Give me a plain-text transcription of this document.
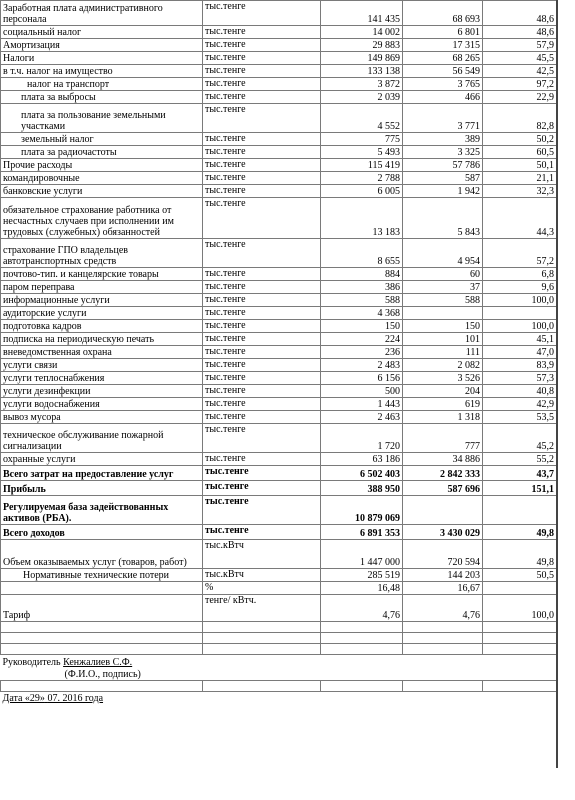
Заработная плата административного персонала	тыс.тенге	141 435	68 693	48,6
социальный налог	тыс.тенге	14 002	6 801	48,6
Амортизация	тыс.тенге	29 883	17 315	57,9
Налоги	тыс.тенге	149 869	68 265	45,5
в т.ч. налог на имущество	тыс.тенге	133 138	56 549	42,5
налог на транспорт	тыс.тенге	3 872	3 765	97,2
плата за выбросы	тыс.тенге	2 039	466	22,9
плата за пользование земельными участками	тыс.тенге	4 552	3 771	82,8
земельный налог	тыс.тенге	775	389	50,2
плата за радиочастоты	тыс.тенге	5 493	3 325	60,5
Прочие расходы	тыс.тенге	115 419	57 786	50,1
командировочные	тыс.тенге	2 788	587	21,1
банковские услуги	тыс.тенге	6 005	1 942	32,3
обязательное страхование работника от несчастных случаев при исполнении им трудовых (служебных) обязанностей	тыс.тенге	13 183	5 843	44,3
страхование ГПО владельцев автотранспортных средств	тыс.тенге	8 655	4 954	57,2
почтово-тип. и канцелярские товары	тыс.тенге	884	60	6,8
паром переправа	тыс.тенге	386	37	9,6
информационные услуги	тыс.тенге	588	588	100,0
аудиторские услуги	тыс.тенге	4 368		
подготовка кадров	тыс.тенге	150	150	100,0
подписка на периодическую печать	тыс.тенге	224	101	45,1
вневедомственная охрана	тыс.тенге	236	111	47,0
услуги связи	тыс.тенге	2 483	2 082	83,9
услуги теплоснабжения	тыс.тенге	6 156	3 526	57,3
услуги дезинфекции	тыс.тенге	500	204	40,8
услуги водоснабжения	тыс.тенге	1 443	619	42,9
вывоз мусора	тыс.тенге	2 463	1 318	53,5
техническое обслуживание пожарной сигнализации	тыс.тенге	1 720	777	45,2
охранные услуги	тыс.тенге	63 186	34 886	55,2
Всего затрат на предоставление услуг	тыс.тенге	6 502 403	2 842 333	43,7
Прибыль	тыс.тенге	388 950	587 696	151,1
Регулируемая база задействованных активов (РБА).	тыс.тенге	10 879 069		
Всего доходов	тыс.тенге	6 891 353	3 430 029	49,8
Объем оказываемых услуг (товаров, работ)	тыс.кВтч	1 447 000	720 594	49,8
Нормативные технические потери	тыс.кВтч	285 519	144 203	50,5
	%	16,48	16,67	
Тариф	тенге/ кВтч.	4,76	4,76	100,0

Руководитель Кенжалиев С.Ф.				

(Ф.И.О., подпись)				

Дата «29» 07. 2016 года				
